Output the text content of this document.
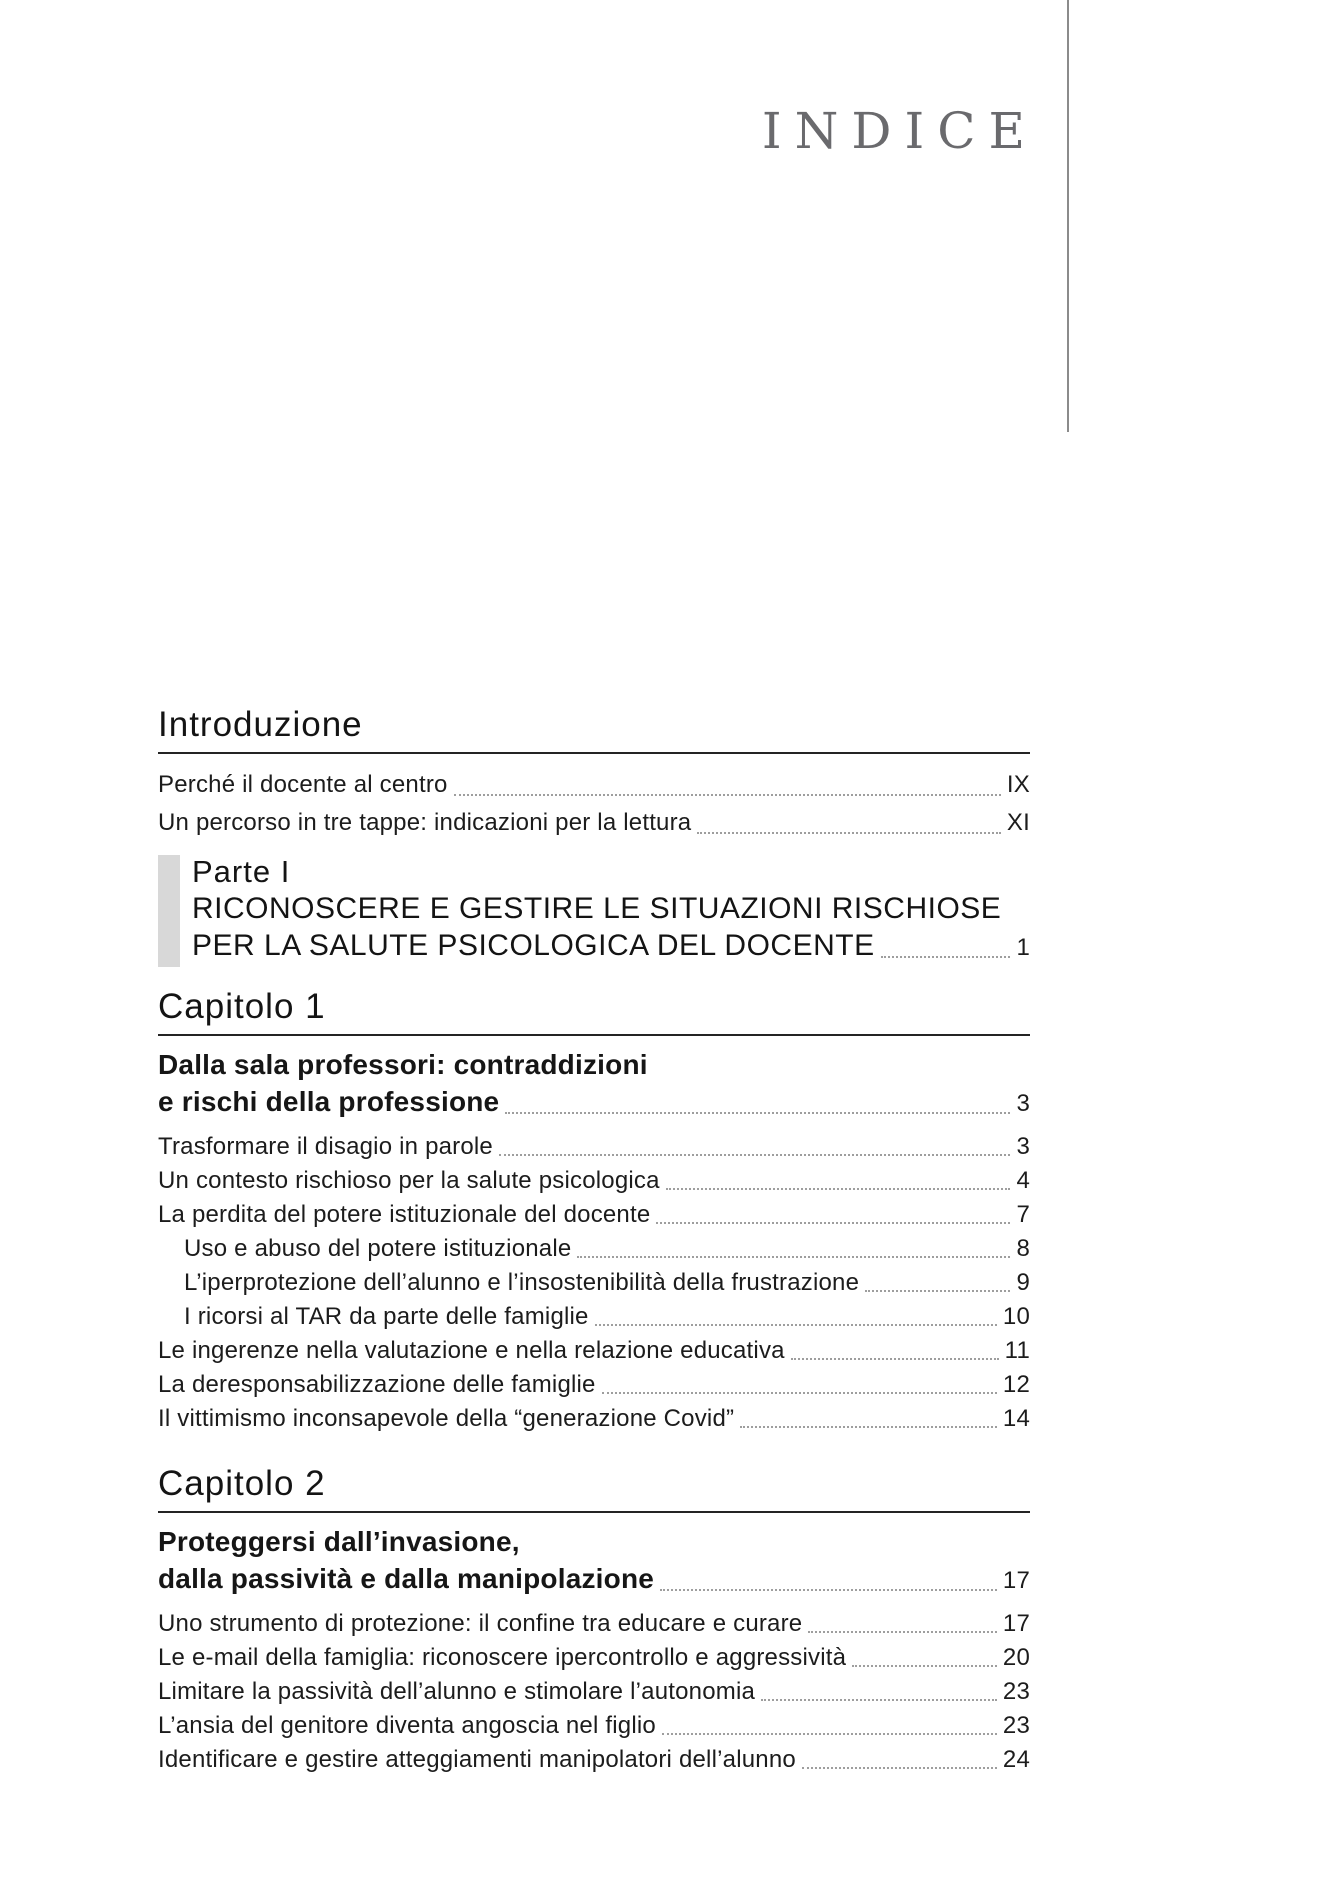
INDICE
Introduzione
Perché il docente al centro	IX
Un percorso in tre tappe: indicazioni per la lettura	XI
Parte I
RICONOSCERE E GESTIRE LE SITUAZIONI RISCHIOSE
PER LA SALUTE PSICOLOGICA DEL DOCENTE	1
Capitolo 1
Dalla sala professori: contraddizioni
e rischi della professione	3
Trasformare il disagio in parole	3
Un contesto rischioso per la salute psicologica	4
La perdita del potere istituzionale del docente	7
Uso e abuso del potere istituzionale	8
L’iperprotezione dell’alunno e l’insostenibilità della frustrazione	9
I ricorsi al TAR da parte delle famiglie	10
Le ingerenze nella valutazione e nella relazione educativa	11
La deresponsabilizzazione delle famiglie	12
Il vittimismo inconsapevole della “generazione Covid”	14
Capitolo 2
Proteggersi dall’invasione,
dalla passività e dalla manipolazione	17
Uno strumento di protezione: il confine tra educare e curare	17
Le e-mail della famiglia: riconoscere ipercontrollo e aggressività	20
Limitare la passività dell’alunno e stimolare l’autonomia	23
L’ansia del genitore diventa angoscia nel figlio	23
Identificare e gestire atteggiamenti manipolatori dell’alunno	24
